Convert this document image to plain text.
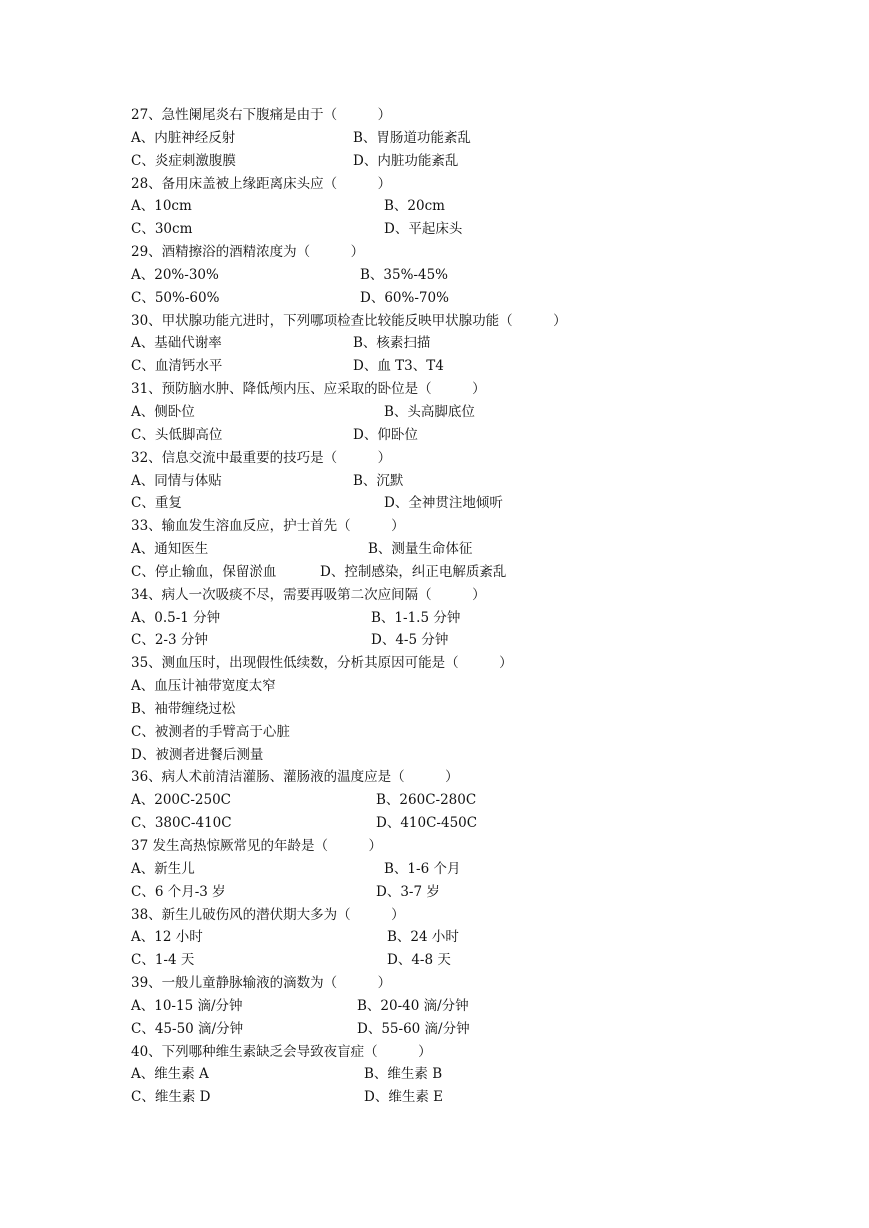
27、急性阑尾炎右下腹痛是由于（　　　）
A、内脏神经反射	B、胃肠道功能紊乱
C、炎症刺激腹膜	D、内脏功能紊乱
28、备用床盖被上缘距离床头应（　　　）
A、10cm	B、20cm
C、30cm	D、平起床头
29、酒精擦浴的酒精浓度为（　　　）
A、20%-30%	B、35%-45%
C、50%-60%	D、60%-70%
30、甲状腺功能亢进时，下列哪项检查比较能反映甲状腺功能（　　　）
A、基础代谢率	B、核素扫描
C、血清钙水平	D、血 T3、T4
31、预防脑水肿、降低颅内压、应采取的卧位是（　　　）
A、侧卧位	B、头高脚底位
C、头低脚高位	D、仰卧位
32、信息交流中最重要的技巧是（　　　）
A、同情与体贴	B、沉默
C、重复	D、全神贯注地倾听
33、输血发生溶血反应，护士首先（　　　）
A、通知医生	B、测量生命体征
C、停止输血，保留淤血	D、控制感染，纠正电解质紊乱
34、病人一次吸痰不尽，需要再吸第二次应间隔（　　　）
A、0.5-1 分钟	B、1-1.5 分钟
C、2-3 分钟	D、4-5 分钟
35、测血压时，出现假性低续数，分析其原因可能是（　　　）
A、血压计袖带宽度太窄
B、袖带缠绕过松
C、被测者的手臂高于心脏
D、被测者进餐后测量
36、病人术前清洁灌肠、灌肠液的温度应是（　　　）
A、200C-250C	B、260C-280C
C、380C-410C	D、410C-450C
37 发生高热惊厥常见的年龄是（　　　）
A、新生儿	B、1-6 个月
C、6 个月-3 岁	D、3-7 岁
38、新生儿破伤风的潜伏期大多为（　　　）
A、12 小时	B、24 小时
C、1-4 天	D、4-8 天
39、一般儿童静脉输液的滴数为（　　　）
A、10-15 滴/分钟	B、20-40 滴/分钟
C、45-50 滴/分钟	D、55-60 滴/分钟
40、下列哪种维生素缺乏会导致夜盲症（　　　）
A、维生素 A	B、维生素 B
C、维生素 D	D、维生素 E
